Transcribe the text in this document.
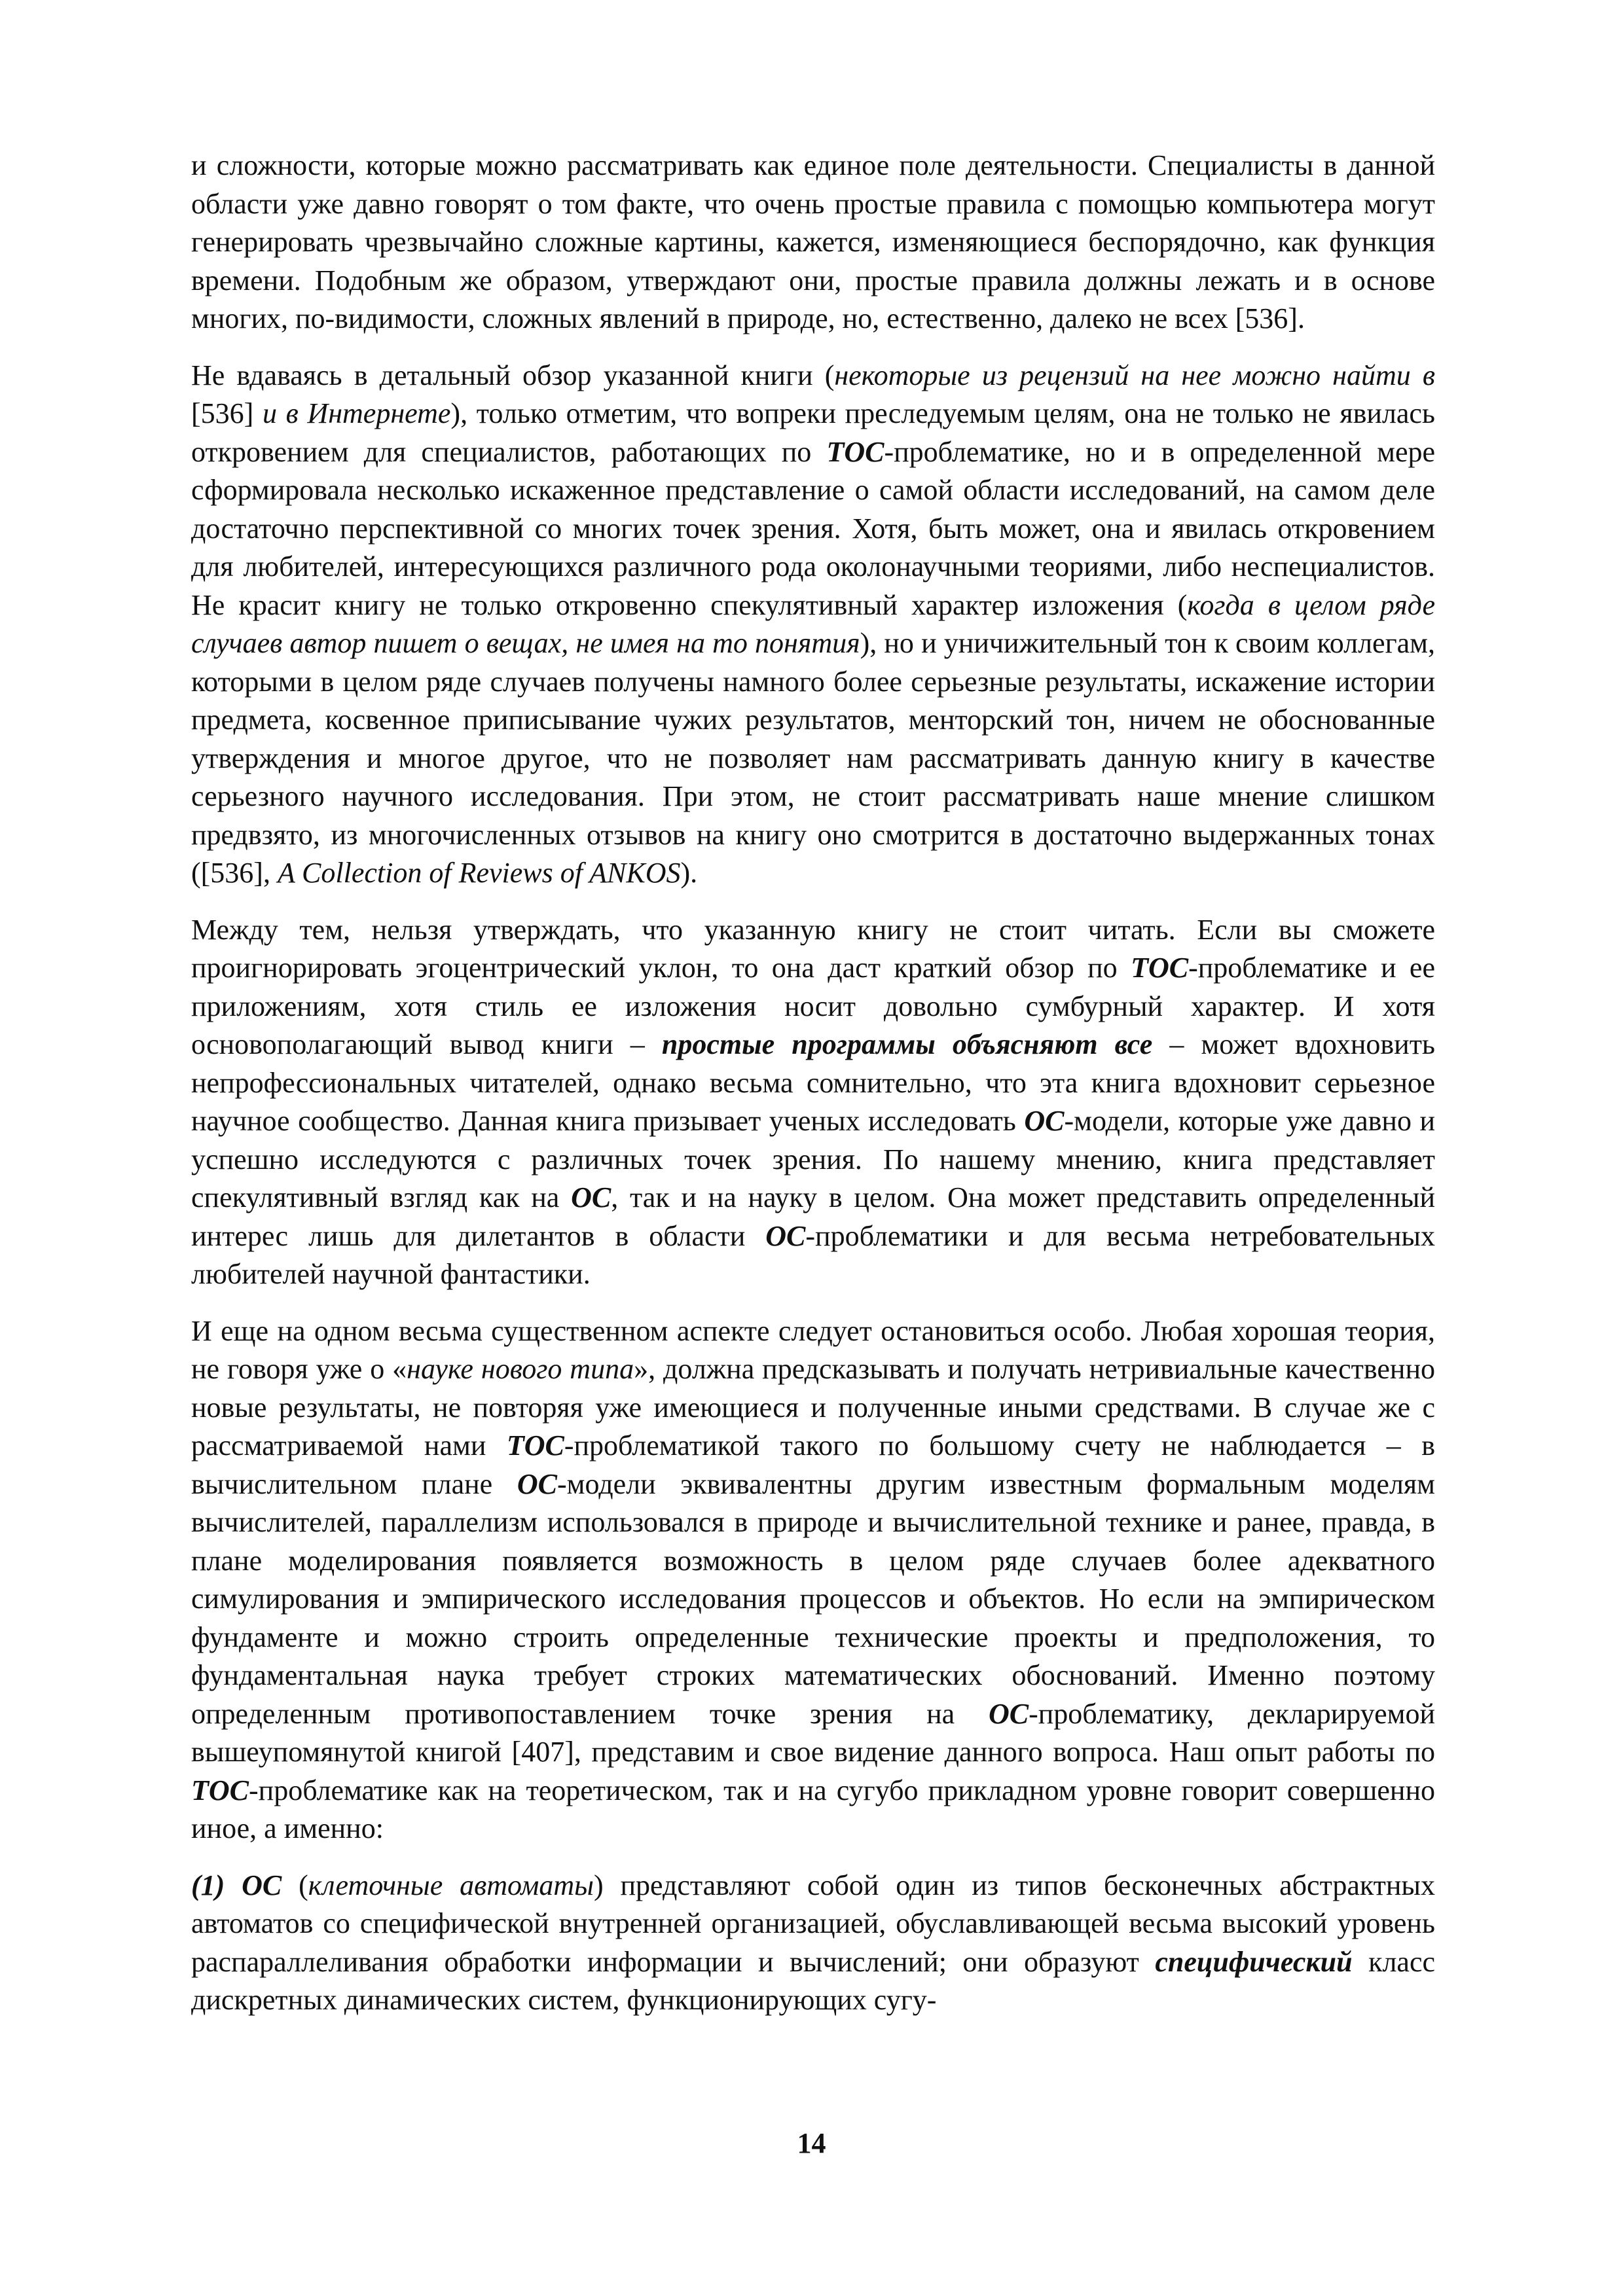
и сложности, которые можно рассматривать как единое поле деятельности. Специалисты в данной области уже давно говорят о том факте, что очень простые правила с помощью компьютера могут генерировать чрезвычайно сложные картины, кажется, изменяющиеся беспорядочно, как функция времени. Подобным же образом, утверждают они, простые правила должны лежать и в основе многих, по-видимости, сложных явлений в природе, но, естественно, далеко не всех [536].

Не вдаваясь в детальный обзор указанной книги (некоторые из рецензий на нее можно найти в [536] и в Интернете), только отметим, что вопреки преследуемым целям, она не только не явилась откровением для специалистов, работающих по TОС-проблематике, но и в определенной мере сформировала несколько искаженное представление о самой области исследований, на самом деле достаточно перспективной со многих точек зрения. Хотя, быть может, она и явилась откровением для любителей, интересующихся различного рода околонаучными теориями, либо неспециалистов. Не красит книгу не только откровенно спекулятивный характер изложения (когда в целом ряде случаев автор пишет о вещах, не имея на то понятия), но и уничижительный тон к своим коллегам, которыми в целом ряде случаев получены намного более серьезные результаты, искажение истории предмета, косвенное приписывание чужих результатов, менторский тон, ничем не обоснованные утверждения и многое другое, что не позволяет нам рассматривать данную книгу в качестве серьезного научного исследования. При этом, не стоит рассматривать наше мнение слишком предвзято, из многочисленных отзывов на книгу оно смотрится в достаточно выдержанных тонах ([536], A Collection of Reviews of ANKOS).

Между тем, нельзя утверждать, что указанную книгу не стоит читать. Если вы сможете проигнорировать эгоцентрический уклон, то она даст краткий обзор по TОС-проблематике и ее приложениям, хотя стиль ее изложения носит довольно сумбурный характер. И хотя основополагающий вывод книги – простые программы объясняют все – может вдохновить непрофессиональных читателей, однако весьма сомнительно, что эта книга вдохновит серьезное научное сообщество. Данная книга призывает ученых исследовать ОС-модели, которые уже давно и успешно исследуются с различных точек зрения. По нашему мнению, книга представляет спекулятивный взгляд как на ОС, так и на науку в целом. Она может представить определенный интерес лишь для дилетантов в области ОС-проблематики и для весьма нетребовательных любителей научной фантастики.

И еще на одном весьма существенном аспекте следует остановиться особо. Любая хорошая теория, не говоря уже о «науке нового типа», должна предсказывать и получать нетривиальные качественно новые результаты, не повторяя уже имеющиеся и полученные иными средствами. В случае же с рассматриваемой нами TОС-проблематикой такого по большому счету не наблюдается – в вычислительном плане ОС-модели эквивалентны другим известным формальным моделям вычислителей, параллелизм использовался в природе и вычислительной технике и ранее, правда, в плане моделирования появляется возможность в целом ряде случаев более адекватного симулирования и эмпирического исследования процессов и объектов. Но если на эмпирическом фундаменте и можно строить определенные технические проекты и предположения, то фундаментальная наука требует строких математических обоснований. Именно поэтому определенным противопоставлением точке зрения на ОС-проблематику, декларируемой вышеупомянутой книгой [407], представим и свое видение данного вопроса. Наш опыт работы по TОС-проблематике как на теоретическом, так и на сугубо прикладном уровне говорит совершенно иное, а именно:

(1) ОС (клеточные автоматы) представляют собой один из типов бесконечных абстрактных автоматов со специфической внутренней организацией, обуславливающей весьма высокий уровень распараллеливания обработки информации и вычислений; они образуют специфический класс дискретных динамических систем, функционирующих сугу-

14
